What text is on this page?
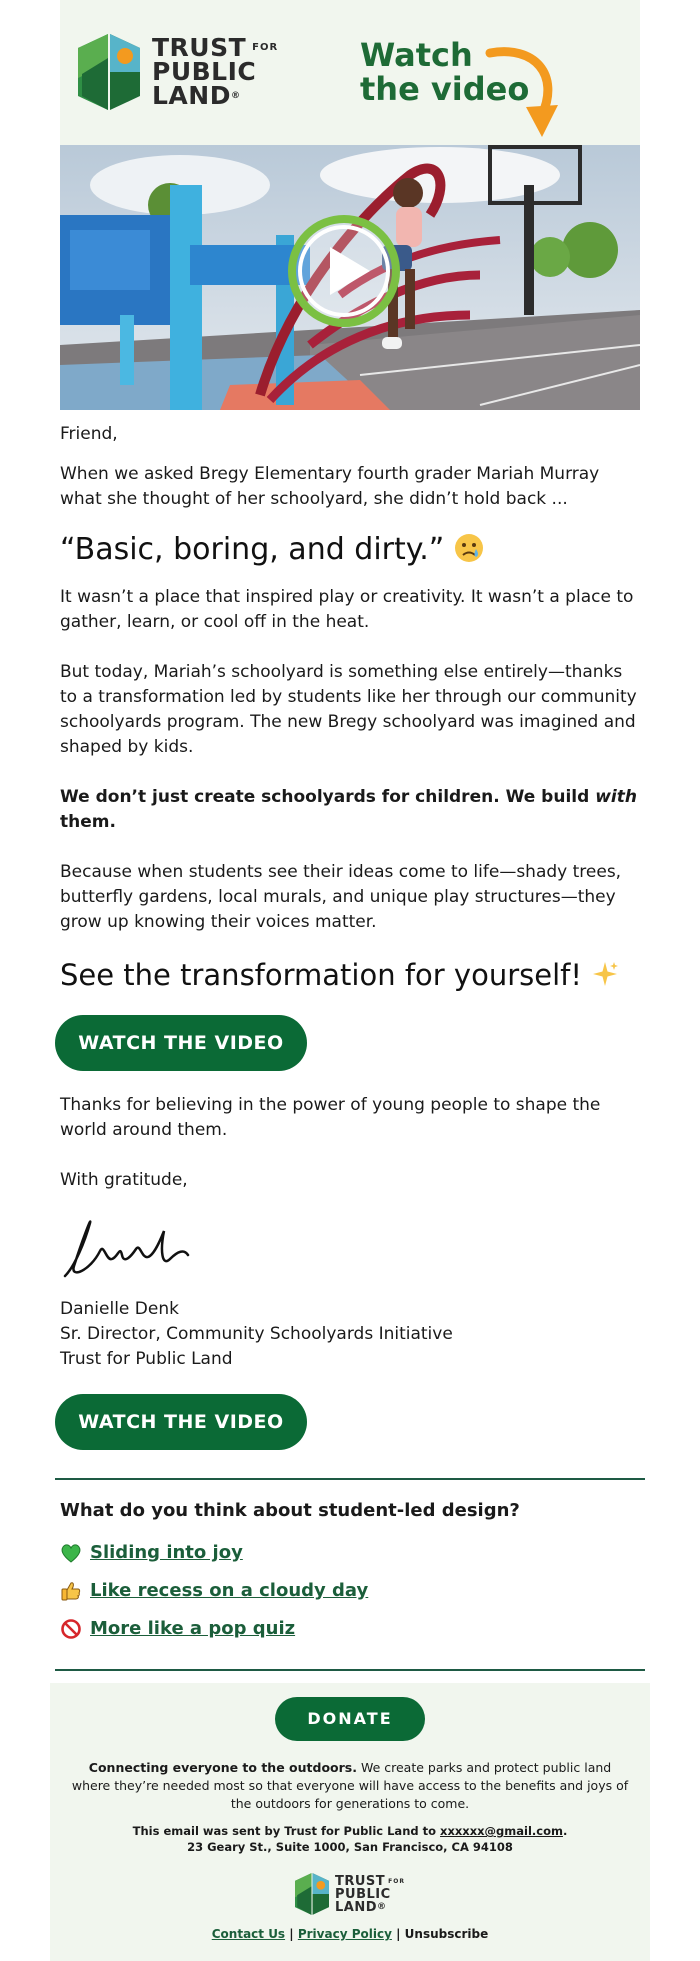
TRUST $^{FOR}$
PUBLIC
LAND®
Watch
the video

Friend,

When we asked Bregy Elementary fourth grader Mariah Murray what she thought of her schoolyard, she didn’t hold back ...

“Basic, boring, and dirty.”

It wasn’t a place that inspired play or creativity. It wasn’t a place to gather, learn, or cool off in the heat.

But today, Mariah’s schoolyard is something else entirely—thanks to a transformation led by students like her through our community schoolyards program. The new Bregy schoolyard was imagined and shaped by kids.

We don’t just create schoolyards for children. We build with them.

Because when students see their ideas come to life—shady trees, butterfly gardens, local murals, and unique play structures—they grow up knowing their voices matter.

See the transformation for yourself!
WATCH THE VIDEO

Thanks for believing in the power of young people to shape the world around them.

With gratitude,

Danielle Denk

Sr. Director, Community Schoolyards Initiative

Trust for Public Land

WATCH THE VIDEO
What do you think about student-led design?
Sliding into joy
Like recess on a cloudy day
More like a pop quiz
DONATE

Connecting everyone to the outdoors. We create parks and protect public land where they’re needed most so that everyone will have access to the benefits and joys of the outdoors for generations to come.

This email was sent by Trust for Public Land to xxxxxx@gmail.com.
23 Geary St., Suite 1000, San Francisco, CA 94108
TRUST $^{FOR}$
PUBLIC
LAND®
Contact Us | Privacy Policy | Unsubscribe
